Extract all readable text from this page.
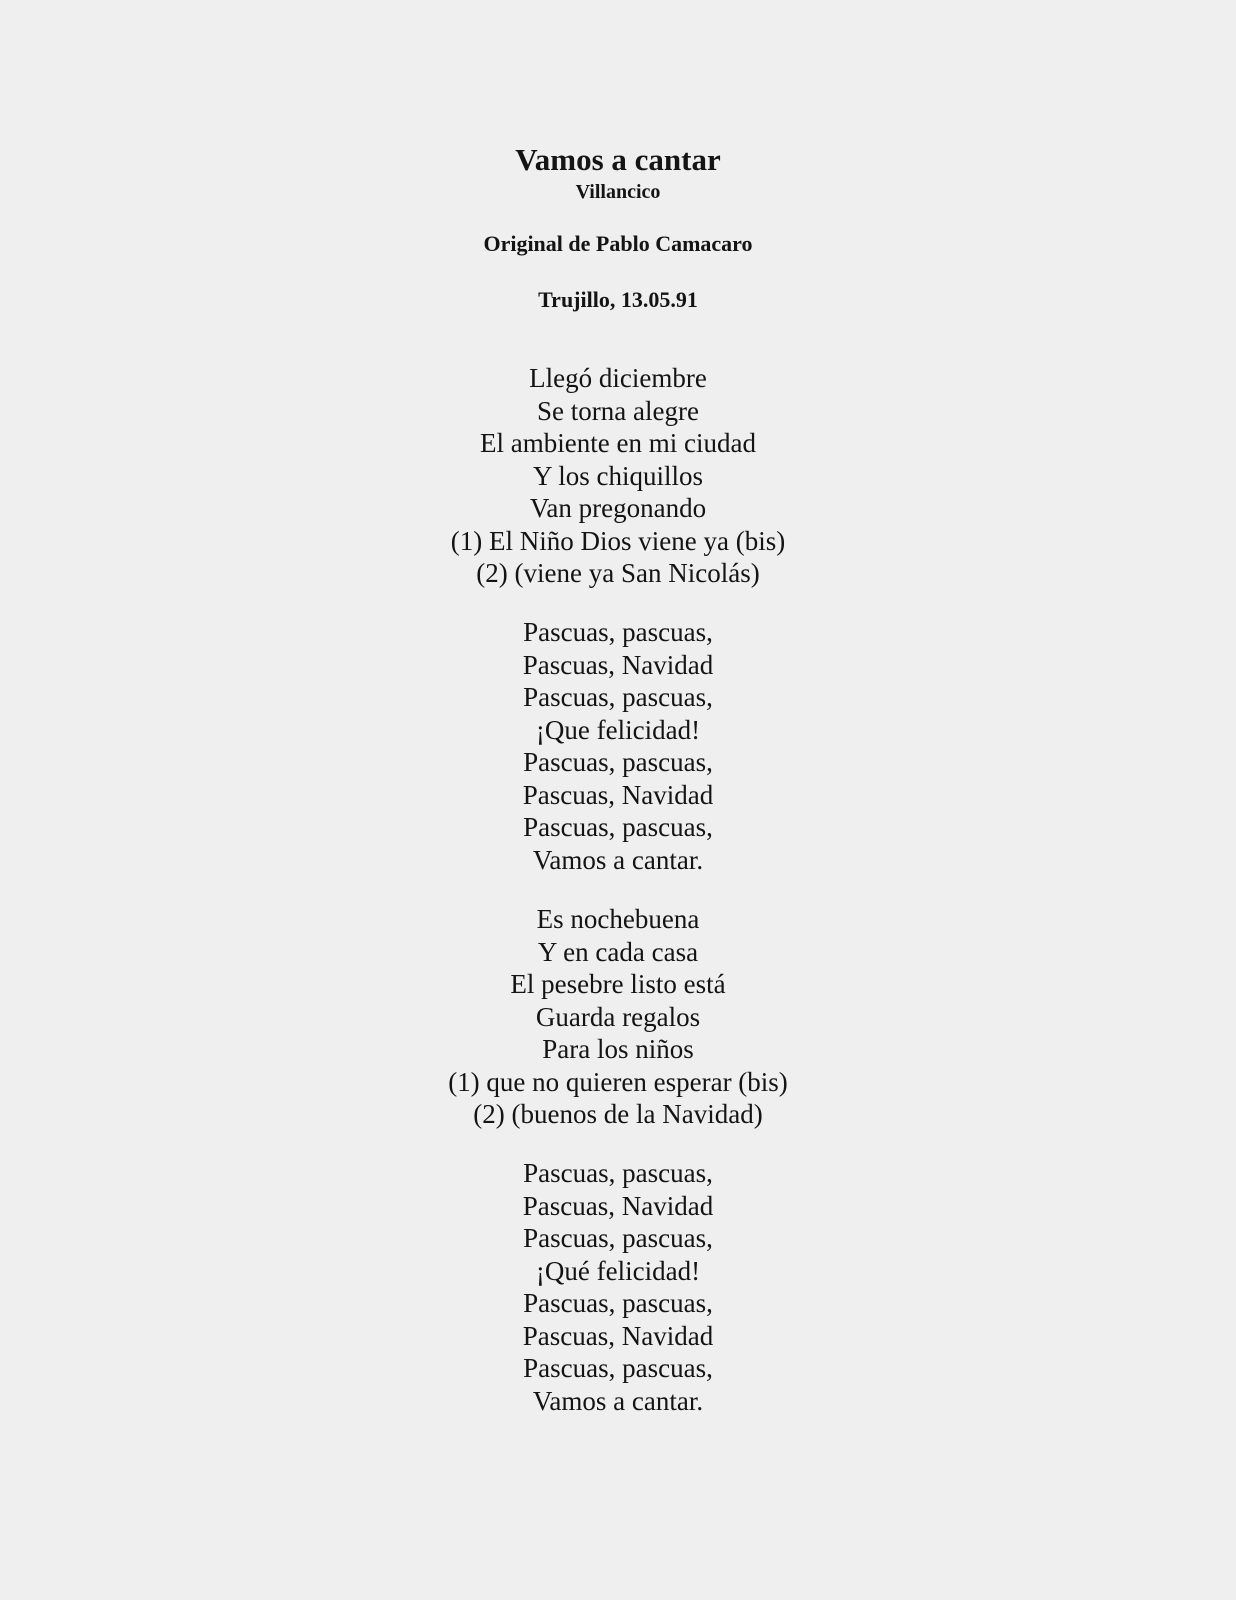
Vamos a cantar
Villancico
Original de Pablo Camacaro
Trujillo, 13.05.91
Llegó diciembre
Se torna alegre
El ambiente en mi ciudad
Y los chiquillos
Van pregonando
(1) El Niño Dios viene ya (bis)
(2) (viene ya San Nicolás)
Pascuas, pascuas,
Pascuas, Navidad
Pascuas, pascuas,
¡Que felicidad!
Pascuas, pascuas,
Pascuas, Navidad
Pascuas, pascuas,
Vamos a cantar.
Es nochebuena
Y en cada casa
El pesebre listo está
Guarda regalos
Para los niños
(1) que no quieren esperar (bis)
(2) (buenos de la Navidad)
Pascuas, pascuas,
Pascuas, Navidad
Pascuas, pascuas,
¡Qué felicidad!
Pascuas, pascuas,
Pascuas, Navidad
Pascuas, pascuas,
Vamos a cantar.
